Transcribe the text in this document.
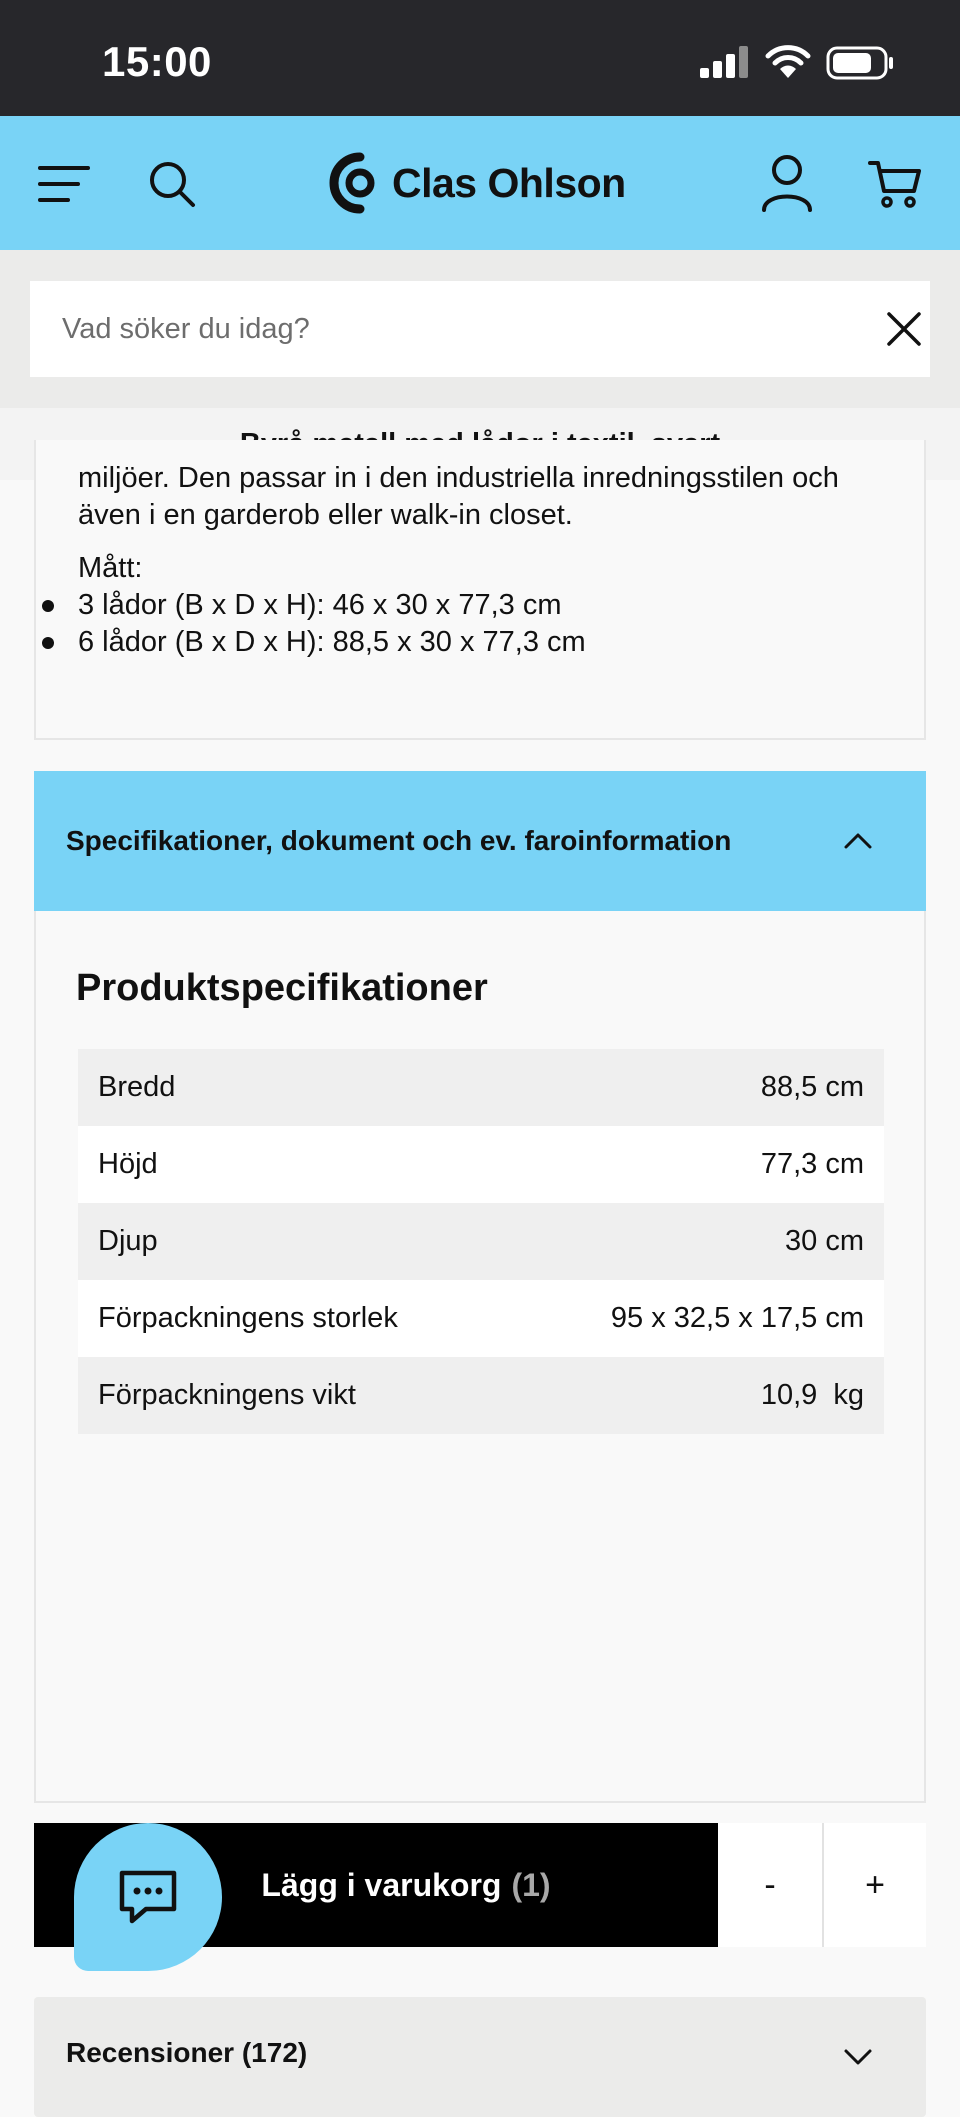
15:00
Clas Ohlson
Vad söker du idag?
miljöer. Den passar in i den industriella inredningsstilen och även i en garderob eller walk-in closet.
Mått:
3 lådor (B x D x H): 46 x 30 x 77,3 cm
6 lådor (B x D x H): 88,5 x 30 x 77,3 cm
Specifikationer, dokument och ev. faroinformation
Produktspecifikationer
Bredd	88,5 cm
Höjd	77,3 cm
Djup	30 cm
Förpackningens storlek	95 x 32,5 x 17,5 cm
Förpackningens vikt	10,9  kg
Lägg i varukorg (1)	-	+
Recensioner (172)
